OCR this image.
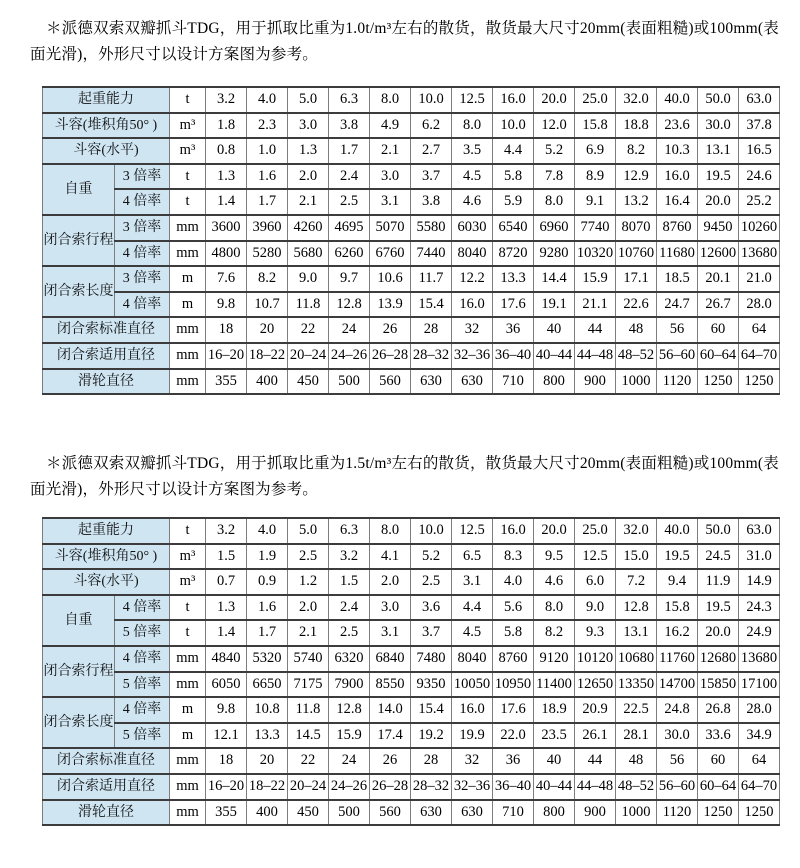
＊派德双索双瓣抓斗TDG，用于抓取比重为1.0t/m³左右的散货，散货最大尺寸20mm(表面粗糙)或100mm(表面光滑)，外形尺寸以设计方案图为参考。

起重能力		t	3.2	4.0	5.0	6.3	8.0	10.0	12.5	16.0	20.0	25.0	32.0	40.0	50.0	63.0
斗容(堆积角50° )		m³	1.8	2.3	3.0	3.8	4.9	6.2	8.0	10.0	12.0	15.8	18.8	23.6	30.0	37.8
斗容(水平)		m³	0.8	1.0	1.3	1.7	2.1	2.7	3.5	4.4	5.2	6.9	8.2	10.3	13.1	16.5
自重	3 倍率	t	1.3	1.6	2.0	2.4	3.0	3.7	4.5	5.8	7.8	8.9	12.9	16.0	19.5	24.6
	4 倍率	t	1.4	1.7	2.1	2.5	3.1	3.8	4.6	5.9	8.0	9.1	13.2	16.4	20.0	25.2
闭合索行程	3 倍率	mm	3600	3960	4260	4695	5070	5580	6030	6540	6960	7740	8070	8760	9450	10260
	4 倍率	mm	4800	5280	5680	6260	6760	7440	8040	8720	9280	10320	10760	11680	12600	13680
闭合索长度	3 倍率	m	7.6	8.2	9.0	9.7	10.6	11.7	12.2	13.3	14.4	15.9	17.1	18.5	20.1	21.0
	4 倍率	m	9.8	10.7	11.8	12.8	13.9	15.4	16.0	17.6	19.1	21.1	22.6	24.7	26.7	28.0
闭合索标准直径		mm	18	20	22	24	26	28	32	36	40	44	48	56	60	64
闭合索适用直径		mm	16–20	18–22	20–24	24–26	26–28	28–32	32–36	36–40	40–44	44–48	48–52	56–60	60–64	64–70
滑轮直径		mm	355	400	450	500	560	630	630	710	800	900	1000	1120	1250	1250

＊派德双索双瓣抓斗TDG，用于抓取比重为1.5t/m³左右的散货，散货最大尺寸20mm(表面粗糙)或100mm(表面光滑)，外形尺寸以设计方案图为参考。

起重能力		t	3.2	4.0	5.0	6.3	8.0	10.0	12.5	16.0	20.0	25.0	32.0	40.0	50.0	63.0
斗容(堆积角50° )		m³	1.5	1.9	2.5	3.2	4.1	5.2	6.5	8.3	9.5	12.5	15.0	19.5	24.5	31.0
斗容(水平)		m³	0.7	0.9	1.2	1.5	2.0	2.5	3.1	4.0	4.6	6.0	7.2	9.4	11.9	14.9
自重	4 倍率	t	1.3	1.6	2.0	2.4	3.0	3.6	4.4	5.6	8.0	9.0	12.8	15.8	19.5	24.3
	5 倍率	t	1.4	1.7	2.1	2.5	3.1	3.7	4.5	5.8	8.2	9.3	13.1	16.2	20.0	24.9
闭合索行程	4 倍率	mm	4840	5320	5740	6320	6840	7480	8040	8760	9120	10120	10680	11760	12680	13680
	5 倍率	mm	6050	6650	7175	7900	8550	9350	10050	10950	11400	12650	13350	14700	15850	17100
闭合索长度	4 倍率	m	9.8	10.8	11.8	12.8	14.0	15.4	16.0	17.6	18.9	20.9	22.5	24.8	26.8	28.0
	5 倍率	m	12.1	13.3	14.5	15.9	17.4	19.2	19.9	22.0	23.5	26.1	28.1	30.0	33.6	34.9
闭合索标准直径		mm	18	20	22	24	26	28	32	36	40	44	48	56	60	64
闭合索适用直径		mm	16–20	18–22	20–24	24–26	26–28	28–32	32–36	36–40	40–44	44–48	48–52	56–60	60–64	64–70
滑轮直径		mm	355	400	450	500	560	630	630	710	800	900	1000	1120	1250	1250
